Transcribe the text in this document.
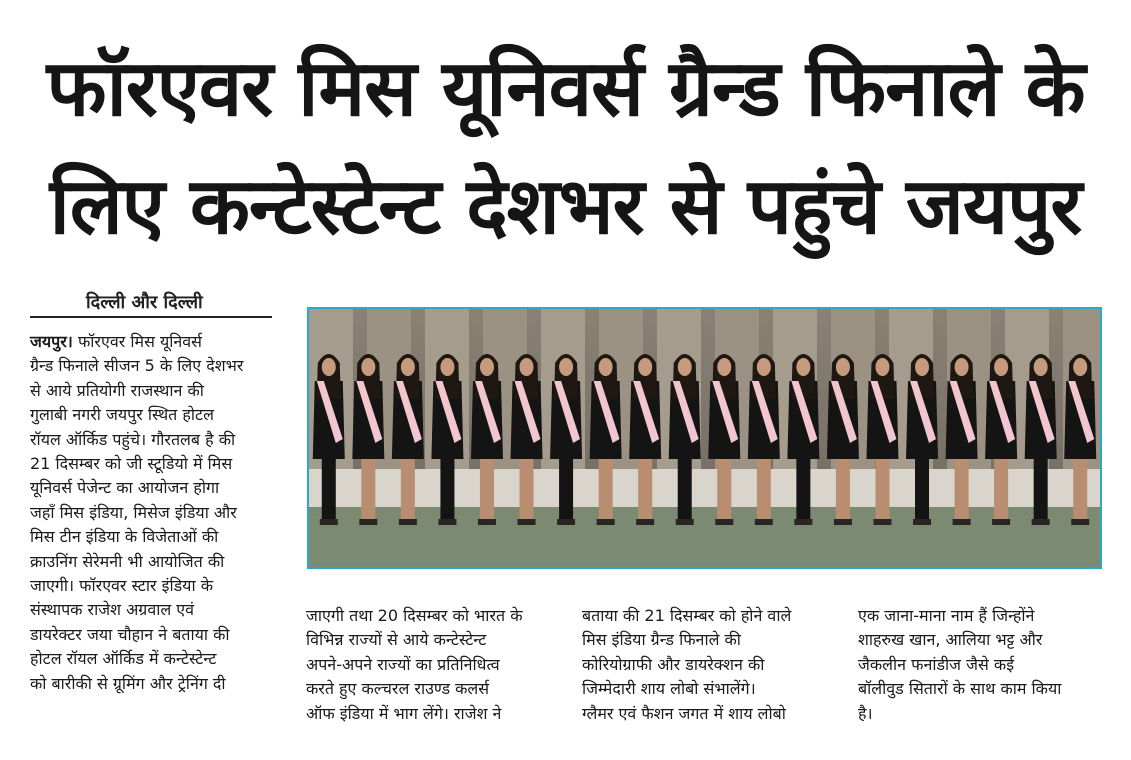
फॉरएवर मिस यूनिवर्स ग्रैन्ड फिनाले के
लिए कन्टेस्टेन्ट देशभर से पहुंचे जयपुर
दिल्ली और दिल्ली
जयपुर। फॉरएवर मिस यूनिवर्स
ग्रैन्ड फिनाले सीजन 5 के लिए देशभर
से आये प्रतियोगी राजस्थान की
गुलाबी नगरी जयपुर स्थित होटल
रॉयल ऑर्किड पहुंचे। गौरतलब है की
21 दिसम्बर को जी स्टूडियो में मिस
यूनिवर्स पेजेन्ट का आयोजन होगा
जहाँ मिस इंडिया, मिसेज इंडिया और
मिस टीन इंडिया के विजेताओं की
क्राउनिंग सेरेमनी भी आयोजित की
जाएगी। फॉरएवर स्टार इंडिया के
संस्थापक राजेश अग्रवाल एवं
डायरेक्टर जया चौहान ने बताया की
होटल रॉयल ऑर्किड में कन्टेस्टेन्ट
को बारीकी से ग्रूमिंग और ट्रेनिंग दी
जाएगी तथा 20 दिसम्बर को भारत के
विभिन्न राज्यों से आये कन्टेस्टेन्ट
अपने-अपने राज्यों का प्रतिनिधित्व
करते हुए कल्चरल राउण्ड कलर्स
ऑफ इंडिया में भाग लेंगे। राजेश ने
बताया की 21 दिसम्बर को होने वाले
मिस इंडिया ग्रैन्ड फिनाले की
कोरियोग्राफी और डायरेक्शन की
जिम्मेदारी शाय लोबो संभालेंगे।
ग्लैमर एवं फैशन जगत में शाय लोबो
एक जाना-माना नाम हैं जिन्होंने
शाहरुख खान, आलिया भट्ट और
जैकलीन फनांडीज जैसे कई
बॉलीवुड सितारों के साथ काम किया
है।
